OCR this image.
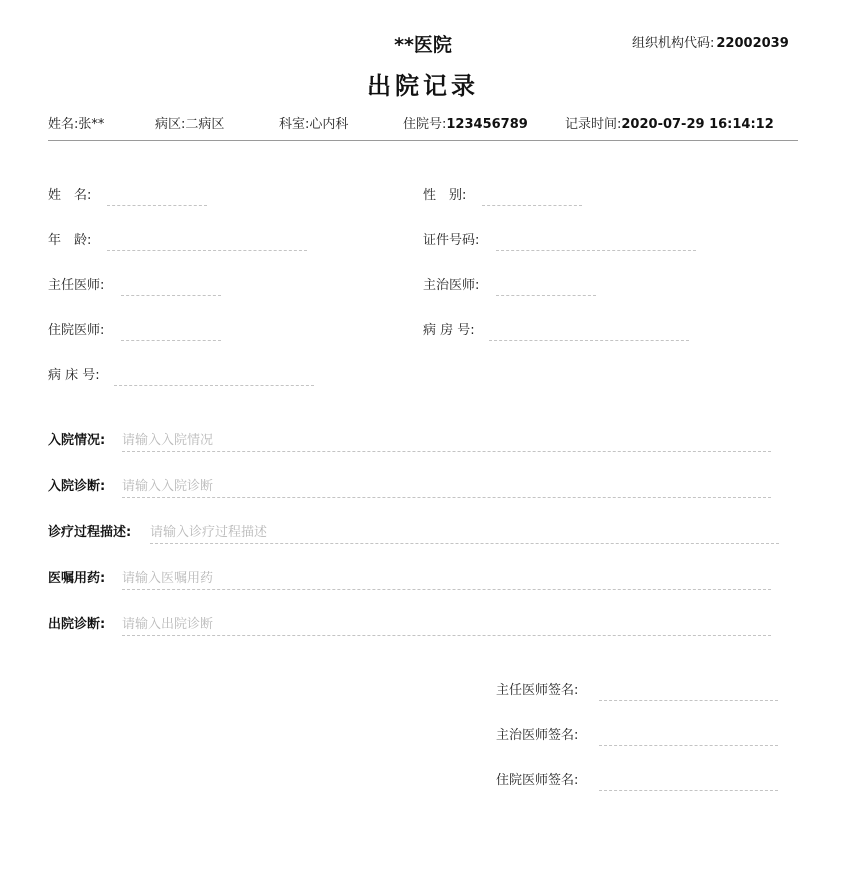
**医院	组织机构代码: 22002039
出院记录
姓名:张**	病区:二病区	科室:心内科	住院号:123456789	记录时间:2020-07-29 16:14:12
姓　名:	性　别:
年　龄:	证件号码:
主任医师:	主治医师:
住院医师:	病 房 号:
病 床 号:
入院情况:
请输入入院情况
入院诊断:
请输入入院诊断
诊疗过程描述:
请输入诊疗过程描述
医嘱用药:
请输入医嘱用药
出院诊断:
请输入出院诊断
主任医师签名:
主治医师签名:
住院医师签名:
